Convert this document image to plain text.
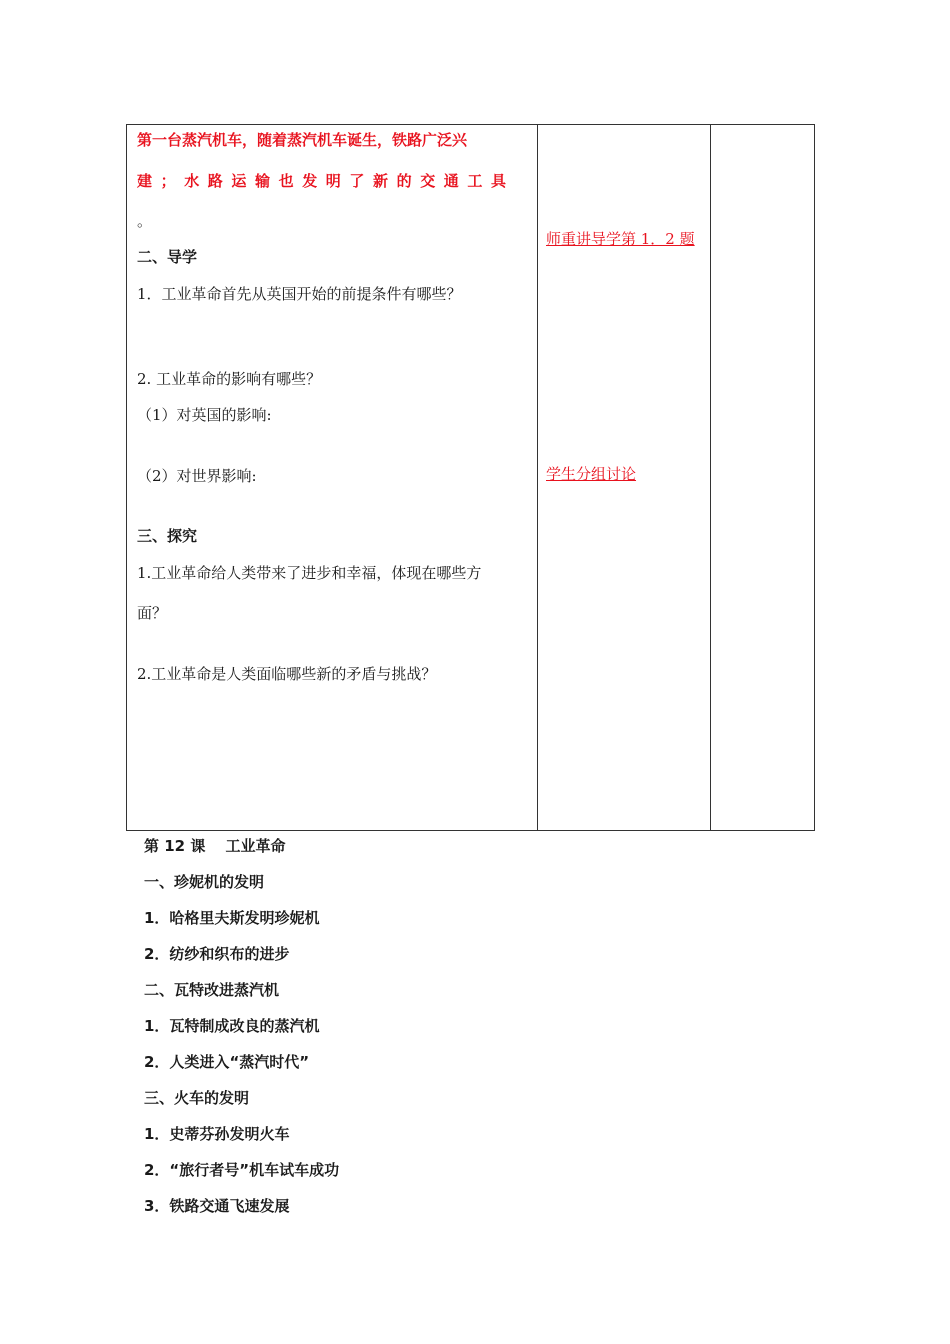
第一台蒸汽机车，随着蒸汽机车诞生，铁路广泛兴
建；水路运输也发明了新的交通工具
。
二、导学
1．工业革命首先从英国开始的前提条件有哪些？
2. 工业革命的影响有哪些？
（1）对英国的影响:
（2）对世界影响:
三、探究
1.工业革命给人类带来了进步和幸福，体现在哪些方
面？
2.工业革命是人类面临哪些新的矛盾与挑战？
师重讲导学第 1．2 题
学生分组讨论
第 12 课　 工业革命
一、珍妮机的发明
1．哈格里夫斯发明珍妮机
2．纺纱和织布的进步
二、瓦特改进蒸汽机
1．瓦特制成改良的蒸汽机
2．人类进入“蒸汽时代”
三、火车的发明
1．史蒂芬孙发明火车
2．“旅行者号”机车试车成功
3．铁路交通飞速发展
